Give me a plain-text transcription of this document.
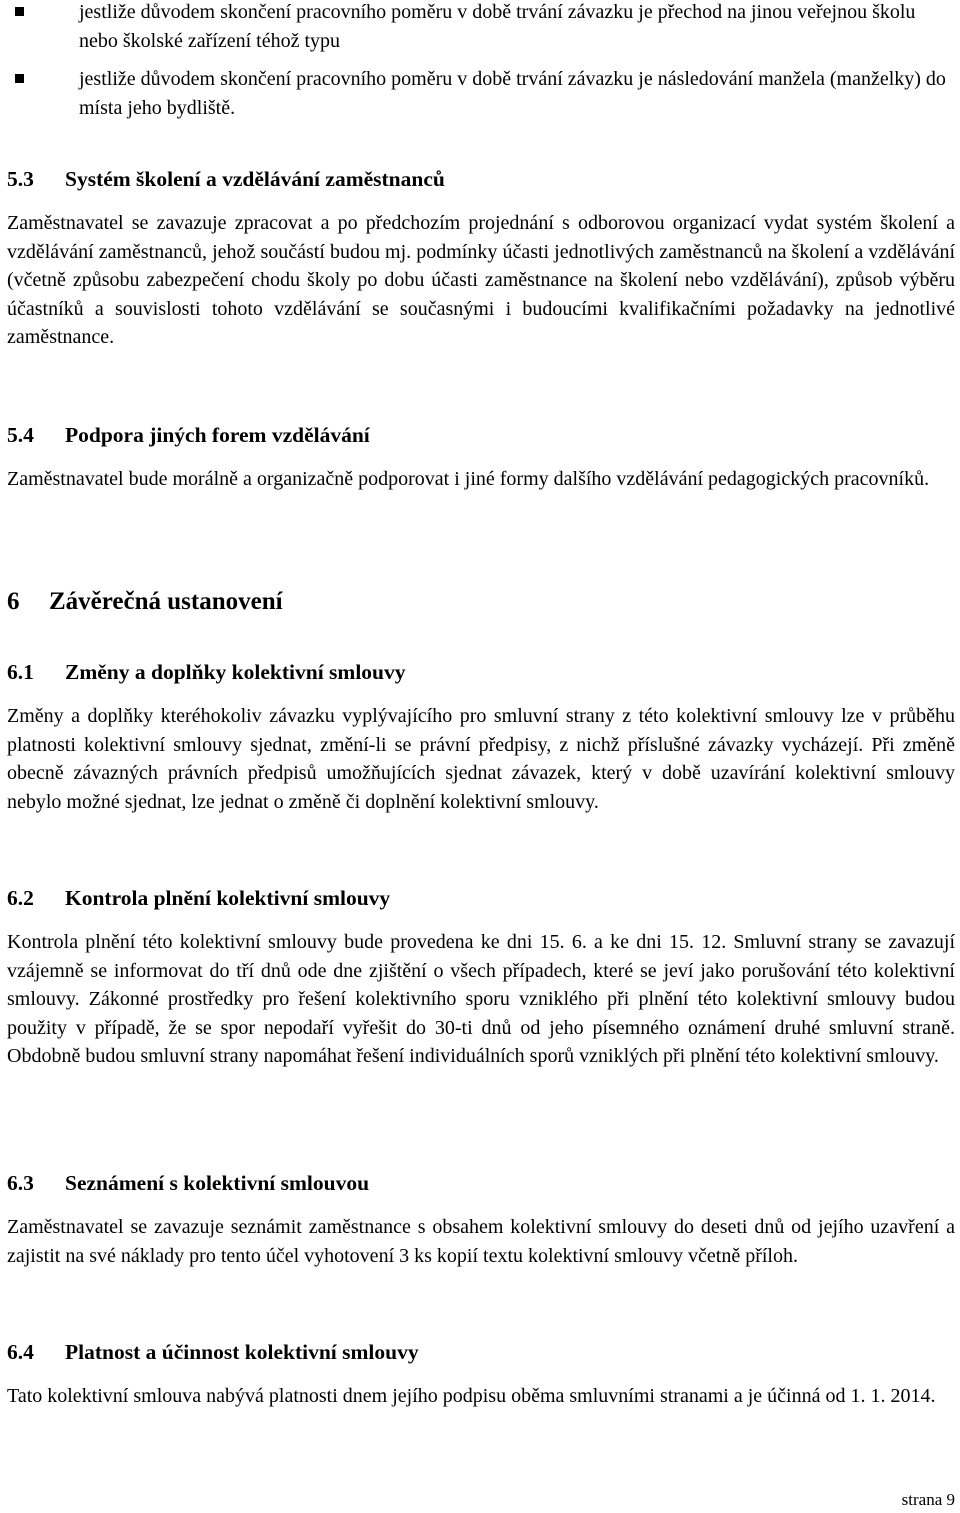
jestliže důvodem skončení pracovního poměru v době trvání závazku je přechod na jinou veřejnou školu nebo školské zařízení téhož typu
jestliže důvodem skončení pracovního poměru v době trvání závazku je následování manžela (manželky) do místa jeho bydliště.
5.3	Systém školení a vzdělávání zaměstnanců

Zaměstnavatel se zavazuje zpracovat a po předchozím projednání s odborovou organizací vydat systém školení a vzdělávání zaměstnanců, jehož součástí budou mj. podmínky účasti jednotlivých zaměstnanců na školení a vzdělávání (včetně způsobu zabezpečení chodu školy po dobu účasti zaměstnance na školení nebo vzdělávání), způsob výběru účastníků a souvislosti tohoto vzdělávání se současnými i budoucími kvalifikačními požadavky na jednotlivé zaměstnance.

5.4	Podpora jiných forem vzdělávání

Zaměstnavatel bude morálně a organizačně podporovat i jiné formy dalšího vzdělávání pedagogických pracovníků.

6	Závěrečná ustanovení
6.1	Změny a doplňky kolektivní smlouvy

Změny a doplňky kteréhokoliv závazku vyplývajícího pro smluvní strany z této kolektivní smlouvy lze v průběhu platnosti kolektivní smlouvy sjednat, změní-li se právní předpisy, z nichž příslušné závazky vycházejí. Při změně obecně závazných právních předpisů umožňujících sjednat závazek, který v době uzavírání kolektivní smlouvy nebylo možné sjednat, lze jednat o změně či doplnění kolektivní smlouvy.

6.2	Kontrola plnění kolektivní smlouvy

Kontrola plnění této kolektivní smlouvy bude provedena ke dni 15. 6. a ke dni 15. 12. Smluvní strany se zavazují vzájemně se informovat do tří dnů ode dne zjištění o všech případech, které se jeví jako porušování této kolektivní smlouvy. Zákonné prostředky pro řešení kolektivního sporu vzniklého při plnění této kolektivní smlouvy budou použity v případě, že se spor nepodaří vyřešit do 30-ti dnů od jeho písemného oznámení druhé smluvní straně. Obdobně budou smluvní strany napomáhat řešení individuálních sporů vzniklých při plnění této kolektivní smlouvy.

6.3	Seznámení s kolektivní smlouvou

Zaměstnavatel se zavazuje seznámit zaměstnance s obsahem kolektivní smlouvy do deseti dnů od jejího uzavření a zajistit na své náklady pro tento účel vyhotovení 3 ks kopií textu kolektivní smlouvy včetně příloh.

6.4	Platnost a účinnost kolektivní smlouvy

Tato kolektivní smlouva nabývá platnosti dnem jejího podpisu oběma smluvními stranami a je účinná od 1. 1. 2014.

strana 9
